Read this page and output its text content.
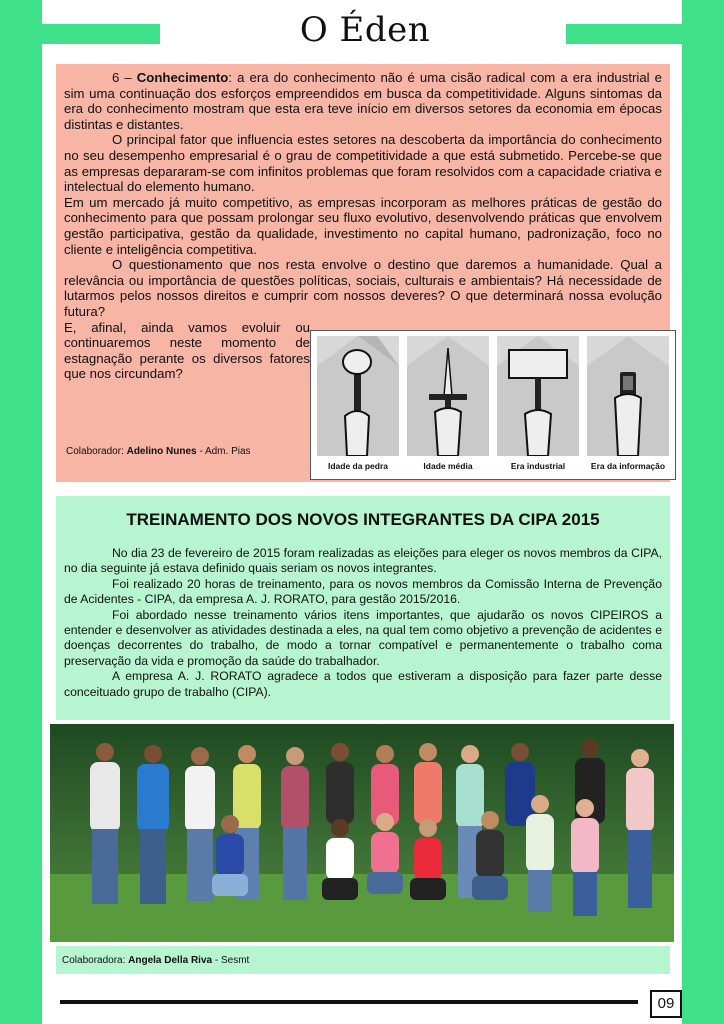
O Éden

6 – Conhecimento: a era do conhecimento não é uma cisão radical com a era industrial e sim uma continuação dos esforços empreendidos em busca da competitividade. Alguns sintomas da era do conhecimento mostram que esta era teve início em diversos setores da economia em épocas distintas e distantes.

O principal fator que influencia estes setores na descoberta da importância do conhecimento no seu desempenho empresarial é o grau de competitividade a que está submetido. Percebe-se que as empresas depararam-se com infinitos problemas que foram resolvidos com a capacidade criativa e intelectual do elemento humano.

Em um mercado já muito competitivo, as empresas incorporam as melhores práticas de gestão do conhecimento para que possam prolongar seu fluxo evolutivo, desenvolvendo práticas que envolvem gestão participativa, gestão da qualidade, investimento no capital humano, padronização, foco no cliente e inteligência competitiva.

O questionamento que nos resta envolve o destino que daremos a humanidade. Qual a relevância ou importância de questões políticas, sociais, culturais e ambientais? Há necessidade de lutarmos pelos nossos direitos e cumprir com nossos deveres? O que determinará nossa evolução futura?

E, afinal, ainda vamos evoluir ou continuaremos neste momento de estagnação perante os diversos fatores que nos circundam?

Colaborador: Adelino Nunes - Adm. Pias
Idade da pedra	Idade média	Era industrial	Era da informação
TREINAMENTO DOS NOVOS INTEGRANTES DA CIPA 2015

No dia 23 de fevereiro de 2015 foram realizadas as eleições para eleger os novos membros da CIPA, no dia seguinte já estava definido quais seriam os novos integrantes.

Foi realizado 20 horas de treinamento, para os novos membros da Comissão Interna de Prevenção de Acidentes - CIPA, da empresa A. J. RORATO, para gestão 2015/2016.

Foi abordado nesse treinamento vários itens importantes, que ajudarão os novos CIPEIROS a entender e desenvolver as atividades destinada a eles, na qual tem como objetivo a prevenção de acidentes e doenças decorrentes do trabalho, de modo a tornar compatível e permanentemente o trabalho coma preservação da vida e promoção da saúde do trabalhador.

A empresa A. J. RORATO agradece a todos que estiveram a disposição para fazer parte desse conceituado grupo de trabalho (CIPA).

Colaboradora: Angela Della Riva - Sesmt
09
